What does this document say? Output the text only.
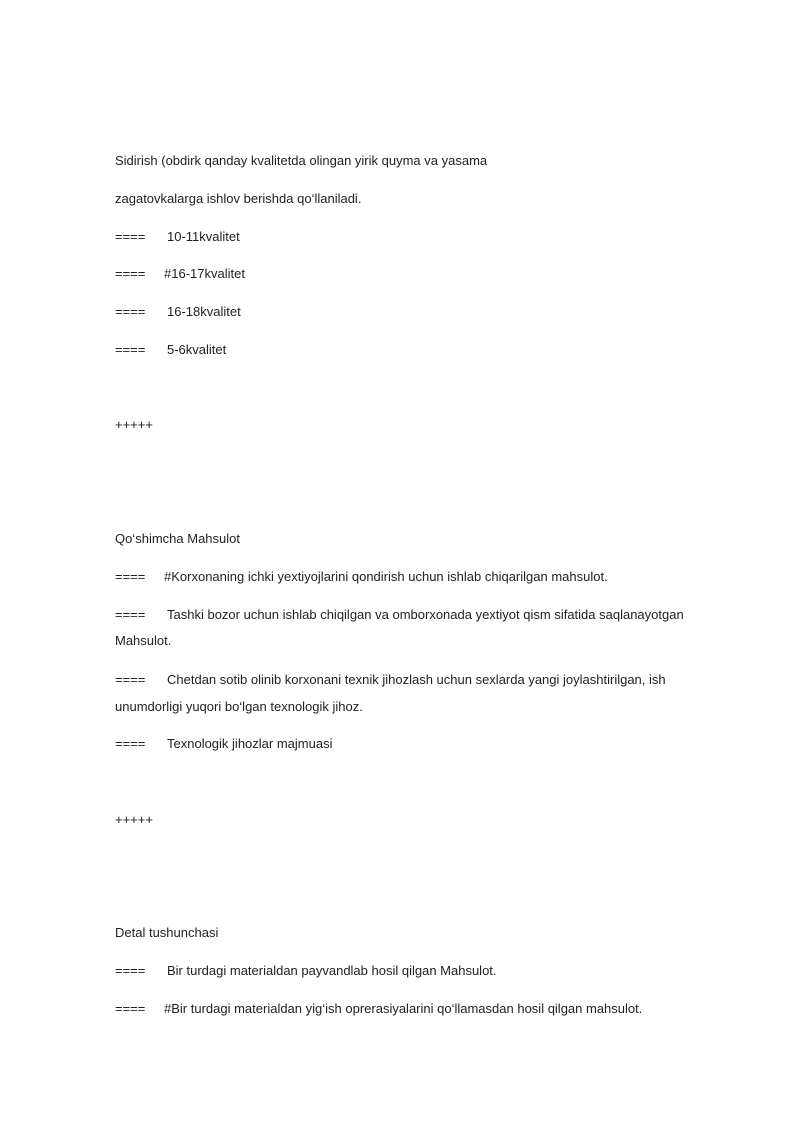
Sidirish (obdirk qanday kvalitetda olingan yirik quyma va yasama
zagatovkalarga ishlov berishda qo‘llaniladi.
==== 10-11kvalitet
==== #16-17kvalitet
==== 16-18kvalitet
==== 5-6kvalitet
+++++
Qo‘shimcha Mahsulot
==== #Korxonaning ichki yextiyojlarini qondirish uchun ishlab chiqarilgan mahsulot.
==== Tashki bozor uchun ishlab chiqilgan va omborxonada yextiyot qism sifatida saqlanayotgan
Mahsulot.
==== Chetdan sotib olinib korxonani texnik jihozlash uchun sexlarda yangi joylashtirilgan, ish
unumdorligi yuqori bo‘lgan texnologik jihoz.
==== Texnologik jihozlar majmuasi
+++++
Detal tushunchasi
==== Bir turdagi materialdan payvandlab hosil qilgan Mahsulot.
==== #Bir turdagi materialdan yig‘ish oprerasiyalarini qo‘llamasdan hosil qilgan mahsulot.
